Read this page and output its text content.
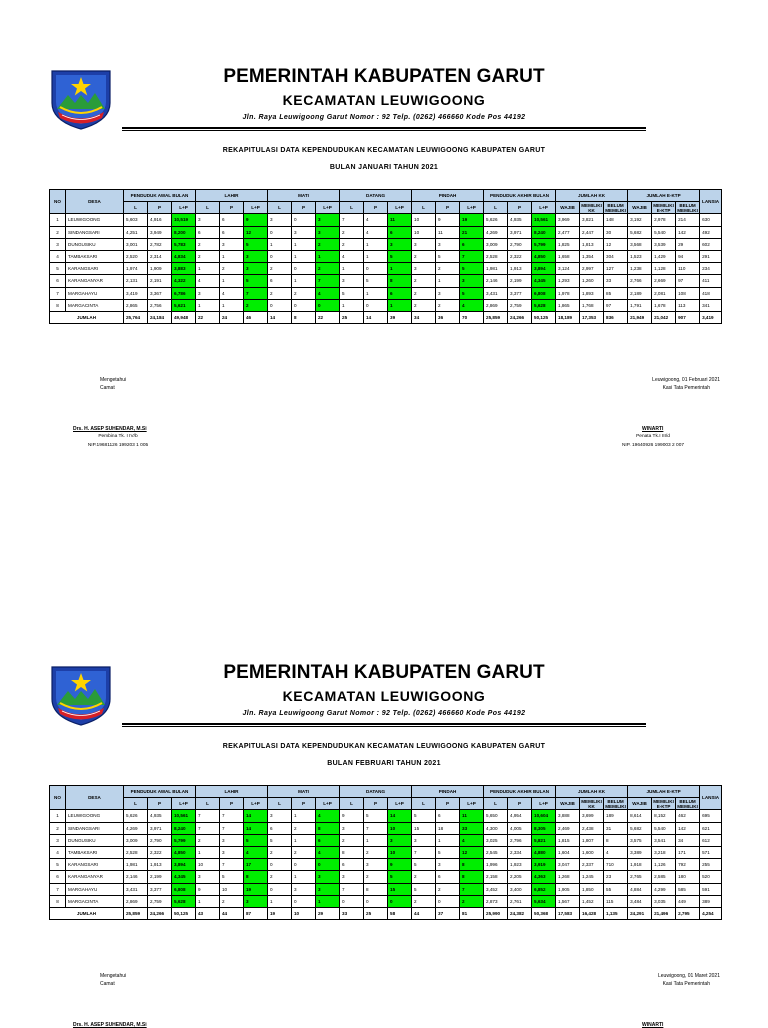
PEMERINTAH KABUPATEN GARUT
KECAMATAN LEUWIGOONG
Jln. Raya Leuwigoong Garut Nomor : 92 Telp. (0262) 466660 Kode Pos 44192
REKAPITULASI DATA KEPENDUDUKAN KECAMATAN LEUWIGOONG KABUPATEN GARUT
BULAN JANUARI TAHUN 2021
NO	DESA	PENDUDUK AWAL BULAN			LAHIR			MATI			DATANG			PINDAH			PENDUDUK AKHIR BULAN			JUMLAH KK			JUMLAH E-KTP			LANSIA
		L	P	L+P	L	P	L+P	L	P	L+P	L	P	L+P	L	P	L+P	L	P	L+P	WAJIB	MEMILIKI KK	BELUM MEMILIKI	WAJIB	MEMILIKI E-KTP	BELUM MEMILIKI	
1	LEUWIGOONG	5,603	4,916	10,519	3	6	9	3	0	3	7	4	11	10	9	19	5,626	4,935	10,561	3,969	3,821	148	3,192	2,978	214	630
2	SINDANGSARI	4,251	3,949	8,200	6	6	12	0	3	3	2	4	6	10	11	21	4,269	3,971	8,240	2,477	2,447	30	5,682	5,540	142	492
3	DUNGUSIKU	3,001	2,782	5,783	2	3	5	1	1	2	2	1	3	3	3	6	3,009	2,790	5,799	1,825	1,813	12	3,568	3,539	29	602
4	TAMBAKSARI	2,520	2,314	4,834	2	1	3	0	1	1	4	1	5	2	5	7	2,528	2,322	4,850	1,658	1,354	304	1,523	1,429	94	291
5	KARANGSARI	1,974	1,909	3,883	1	2	3	2	0	2	1	0	1	3	2	5	1,981	1,913	3,894	3,124	2,997	127	1,238	1,128	110	234
6	KARANGANYAR	2,131	2,191	4,322	4	1	5	6	1	7	3	5	8	2	1	3	2,146	2,199	4,345	1,293	1,260	33	2,766	2,669	97	411
7	MARGAHAYU	3,419	3,367	6,786	3	4	7	2	2	4	5	1	6	2	3	5	3,431	3,377	6,808	1,978	1,893	85	2,189	2,081	108	418
8	MARGACINTA	2,865	2,756	5,621	1	1	2	0	0	0	1	0	1	2	2	4	2,869	2,759	5,628	1,865	1,768	97	1,791	1,678	113	341
JUMLAH		25,764	24,184	49,948	22	24	46	14	8	22	25	14	39	34	36	70	25,859	24,266	50,125	18,189	17,353	836	21,949	21,042	907	3,419
Mengetahui
Camat
Leuwigoong, 01 Februari 2021
Kasi Tata Pemerintah
Drs. H. ASEP SUHENDAR, M.Si
Pembina Tk. I IV/b
NIP.19681126 199203 1 005
WINARTI
Penata Tk.I III/d
NIP. 19640926 199003 2 007
PEMERINTAH KABUPATEN GARUT
KECAMATAN LEUWIGOONG
Jln. Raya Leuwigoong Garut Nomor : 92 Telp. (0262) 466660 Kode Pos 44192
REKAPITULASI DATA KEPENDUDUKAN KECAMATAN LEUWIGOONG KABUPATEN GARUT
BULAN FEBRUARI TAHUN 2021
NO	DESA	PENDUDUK AWAL BULAN			LAHIR			MATI			DATANG			PINDAH			PENDUDUK AKHIR BULAN			JUMLAH KK			JUMLAH E-KTP			LANSIA
		L	P	L+P	L	P	L+P	L	P	L+P	L	P	L+P	L	P	L+P	L	P	L+P	WAJIB	MEMILIKI KK	BELUM MEMILIKI	WAJIB	MEMILIKI E-KTP	BELUM MEMILIKI	
1	LEUWIGOONG	5,626	4,935	10,561	7	7	14	3	1	4	9	5	14	5	6	11	5,650	4,954	10,604	3,888	3,699	189	8,614	8,152	462	695
2	SINDANGSARI	4,269	3,971	8,240	7	7	14	6	2	8	3	7	10	15	18	33	4,300	4,005	8,305	2,469	2,438	31	5,682	5,540	142	621
3	DUNGUSIKU	3,009	2,790	5,799	2	3	5	5	1	6	2	1	3	3	1	4	3,025	2,796	5,821	1,815	1,807	8	3,575	3,541	34	612
4	TAMBAKSARI	2,528	2,322	4,850	1	3	4	2	2	4	8	2	10	7	5	12	2,545	2,334	4,880	1,604	1,600	4	3,389	3,218	171	571
5	KARANGSARI	1,981	1,913	3,894	10	7	17	0	0	0	6	3	9	5	3	8	1,996	1,923	3,919	3,047	2,337	710	1,918	1,126	792	255
6	KARANGANYAR	2,146	2,199	4,345	3	5	8	2	1	3	3	2	5	2	6	8	2,158	2,205	4,363	1,268	1,245	23	2,765	2,585	180	520
7	MARGAHAYU	3,431	3,377	6,808	9	10	19	0	3	3	7	8	15	5	2	7	3,452	3,400	6,852	1,905	1,850	55	4,884	4,299	585	591
8	MARGACINTA	2,869	2,759	5,628	1	2	3	1	0	1	0	0	0	2	0	2	2,873	2,761	5,634	1,567	1,452	115	3,484	3,035	449	389
JUMLAH		25,859	24,266	50,125	43	44	87	19	10	29	33	25	58	44	37	81	25,990	24,382	50,368	17,583	16,428	1,135	24,291	21,496	2,795	4,254
Mengetahui
Camat
Leuwigoong, 01 Maret 2021
Kasi Tata Pemerintah
Drs. H. ASEP SUHENDAR, M.Si	WINARTI
